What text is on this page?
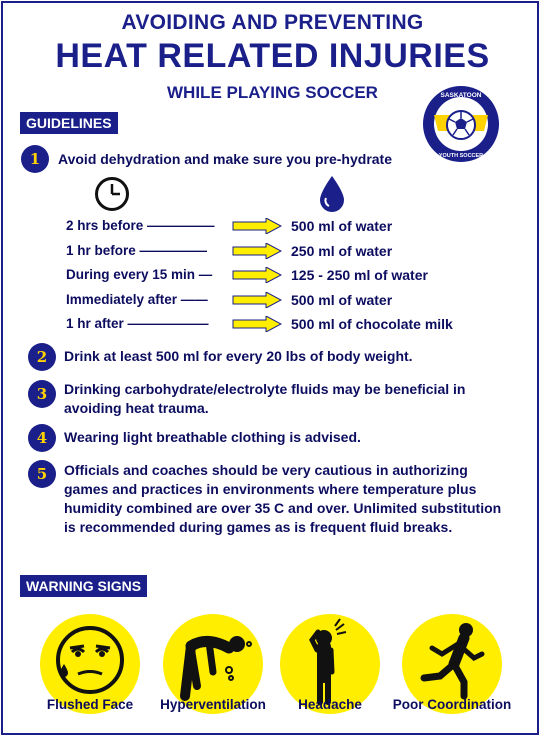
AVOIDING AND PREVENTING
HEAT RELATED INJURIES
WHILE PLAYING SOCCER	SASKATOON
YOUTH SOCCER
GUIDELINES
1	Avoid dehydration and make sure you pre-hydrate
2 hrs before —————	500 ml of water
1 hr before —————	250 ml of water
During every 15 min —	125 - 250 ml of water
Immediately after ——	500 ml of water
1 hr after ——————	500 ml of chocolate milk
2	Drink at least 500 ml for every 20 lbs of body weight.
3	Drinking carbohydrate/electrolyte fluids may be beneficial in avoiding heat trauma.
4	Wearing light breathable clothing is advised.
5	Officials and coaches should be very cautious in authorizing games and practices in environments where temperature plus humidity combined are over 35 C and over. Unlimited substitution is recommended during games as is frequent fluid breaks.
WARNING SIGNS
Flushed Face	Hyperventilation	Headache	Poor Coordination
